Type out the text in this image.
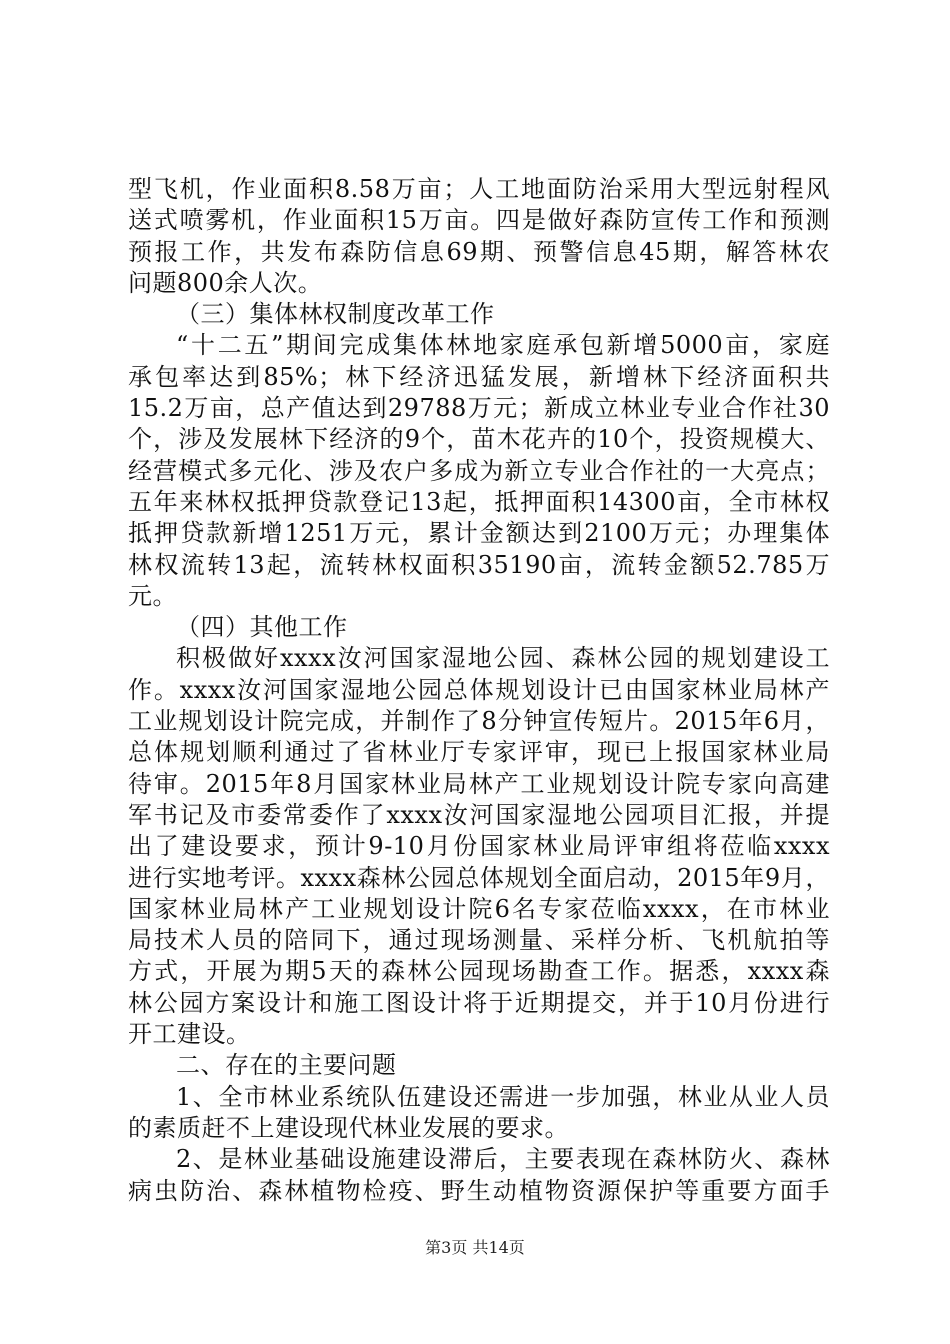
型飞机，作业面积8.58万亩；人工地面防治采用大型远射程风
送式喷雾机，作业面积15万亩。四是做好森防宣传工作和预测
预报工作，共发布森防信息69期、预警信息45期，解答林农
问题800余人次。
（三）集体林权制度改革工作
“十二五”期间完成集体林地家庭承包新增5000亩，家庭
承包率达到85%；林下经济迅猛发展，新增林下经济面积共
15.2万亩，总产值达到29788万元；新成立林业专业合作社30
个，涉及发展林下经济的9个，苗木花卉的10个，投资规模大、
经营模式多元化、涉及农户多成为新立专业合作社的一大亮点；
五年来林权抵押贷款登记13起，抵押面积14300亩，全市林权
抵押贷款新增1251万元，累计金额达到2100万元；办理集体
林权流转13起，流转林权面积35190亩，流转金额52.785万
元。
（四）其他工作
积极做好xxxx汝河国家湿地公园、森林公园的规划建设工
作。xxxx汝河国家湿地公园总体规划设计已由国家林业局林产
工业规划设计院完成，并制作了8分钟宣传短片。2015年6月，
总体规划顺利通过了省林业厅专家评审，现已上报国家林业局
待审。2015年8月国家林业局林产工业规划设计院专家向高建
军书记及市委常委作了xxxx汝河国家湿地公园项目汇报，并提
出了建设要求，预计9-10月份国家林业局评审组将莅临xxxx
进行实地考评。xxxx森林公园总体规划全面启动，2015年9月，
国家林业局林产工业规划设计院6名专家莅临xxxx，在市林业
局技术人员的陪同下，通过现场测量、采样分析、飞机航拍等
方式，开展为期5天的森林公园现场勘查工作。据悉，xxxx森
林公园方案设计和施工图设计将于近期提交，并于10月份进行
开工建设。
二、存在的主要问题
1、全市林业系统队伍建设还需进一步加强，林业从业人员
的素质赶不上建设现代林业发展的要求。
2、是林业基础设施建设滞后，主要表现在森林防火、森林
病虫防治、森林植物检疫、野生动植物资源保护等重要方面手
第3页 共14页
